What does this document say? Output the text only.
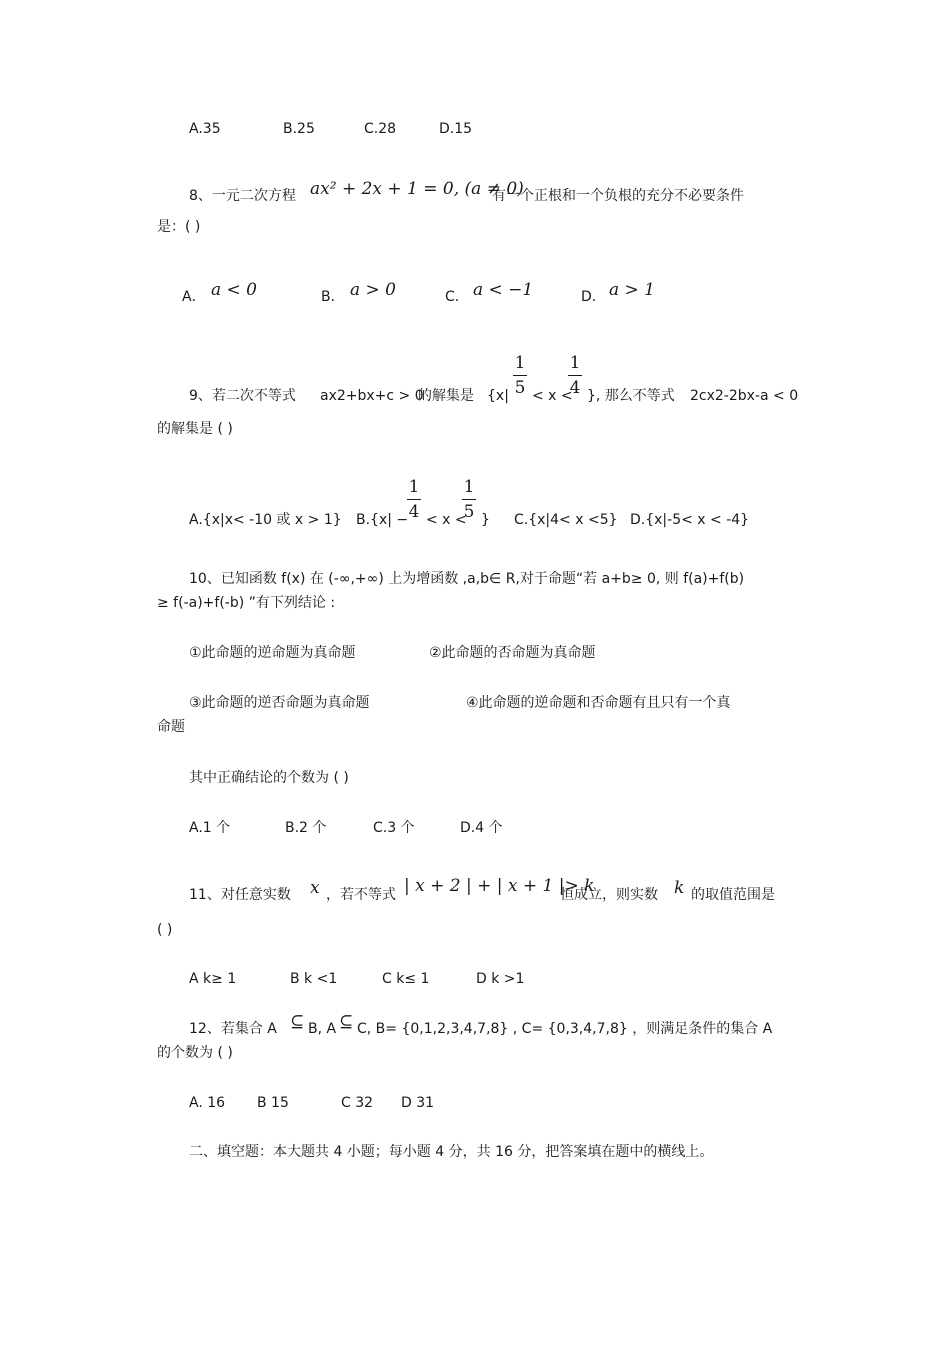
A.35	B.25	C.28	D.15
8、一元二次方程 ax² + 2x + 1 = 0, (a ≠ 0)
有一个正根和一个负根的充分不必要条件
是：( )
A． a < 0	B． a > 0	C． a < −1	D． a > 1
9、若二次不等式 ax2+bx+c > 0
的解集是 {x|
1
5 < x <
1
4 }, 那么不等式 2cx2-2bx-a < 0
的解集是 ( )
A.{x|x< -10 或 x > 1} B.{x| −
1
4 < x <
1
5 } C.{x|4< x <5} D.{x|-5< x < -4}
10、已知函数 f(x) 在 (-∞,+∞) 上为增函数 ,a,b∈ R,对于命题“若 a+b≥ 0, 则 f(a)+f(b)
≥ f(-a)+f(-b) ”有下列结论 :
①此命题的逆命题为真命题	②此命题的否命题为真命题
③此命题的逆否命题为真命题	④此命题的逆命题和否命题有且只有一个真
命题
其中正确结论的个数为 ( )
A.1 个	B.2 个	C.3 个	D.4 个
11、对任意实数 x ，若不等式 | x + 2 | + | x + 1 |> k
恒成立，则实数 k 的取值范围是
( )
A k≥ 1	B k <1	C k≤ 1	D k >1
12、若集合 A ⊆ B, A ⊆ C, B= {0,1,2,3,4,7,8} , C= {0,3,4,7,8} ，则满足条件的集合 A
的个数为 ( )
A. 16 B 15	C 32 D 31
二、填空题：本大题共 4 小题；每小题 4 分，共 16 分，把答案填在题中的横线上。
